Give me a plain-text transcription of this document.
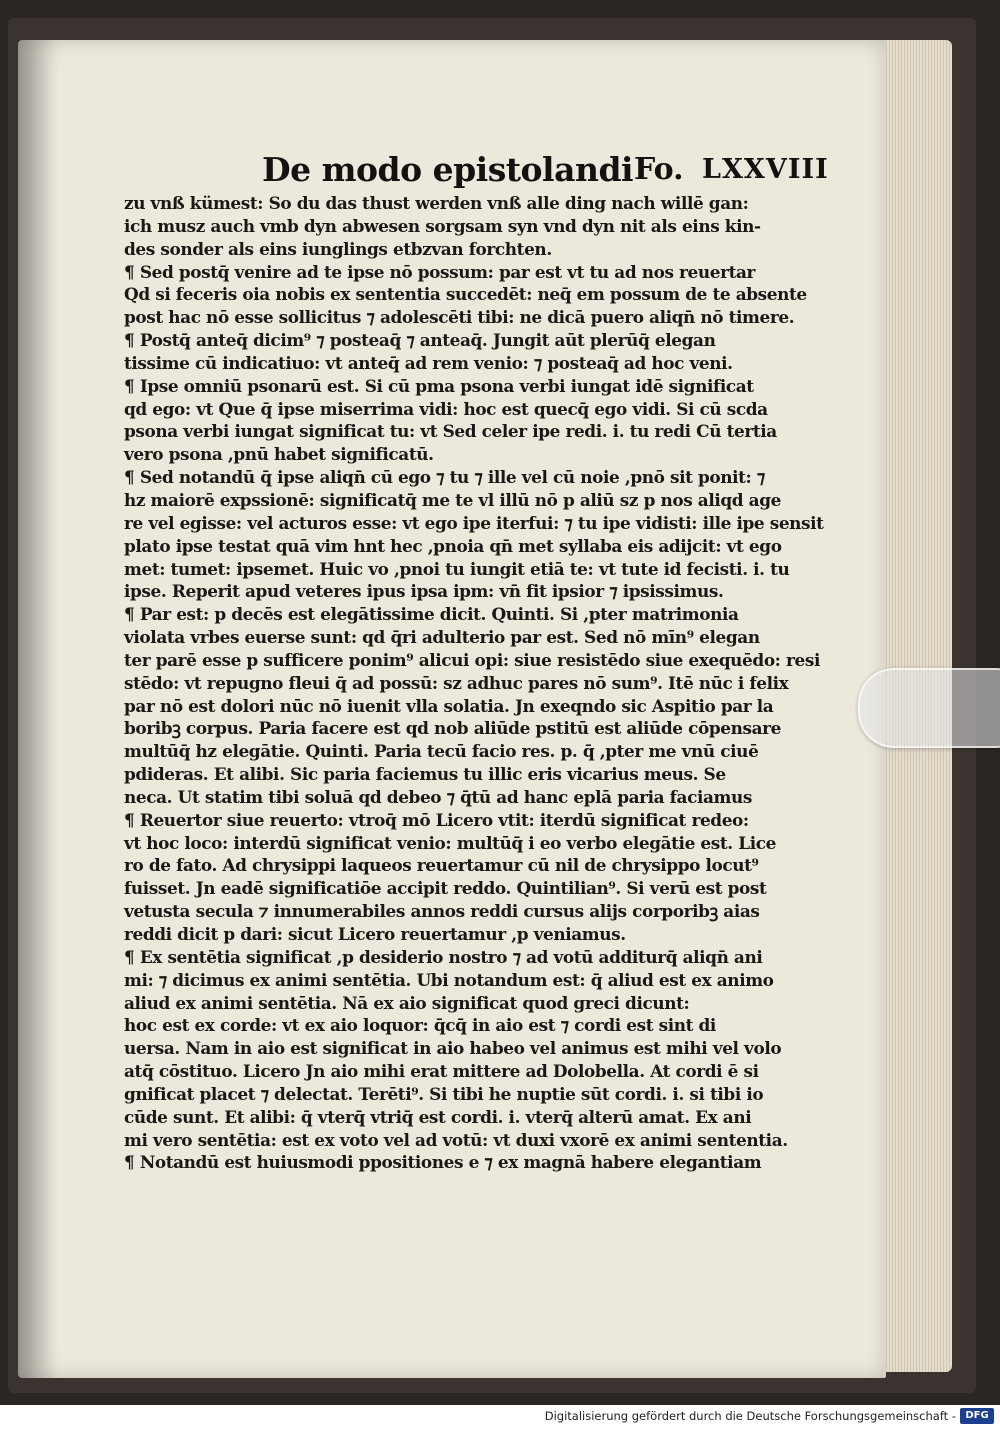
De modo epistolandi Fo. LXXVIII
zu vnß kümest: So du das thust werden vnß alle ding nach willē gan:
ich musz auch vmb dyn abwesen sorgsam syn vnd dyn nit als eins kin-
des sonder als eins iunglings etbzvan forchten.
¶ Sed postq̄ venire ad te ipse nō possum: par est vt tu ad nos reuertar
Qd si feceris oia nobis ex sententia succedēt: neq̄ em possum de te absente
post hac nō esse sollicitus ⁊ adolescēti tibi: ne dicā puero aliqn̄ nō timere.
¶ Postq̄ anteq̄ dicim⁹ ⁊ posteaq̄ ⁊ anteaq̄. Jungit aūt plerūq̄ elegan
tissime cū indicatiuo: vt anteq̄ ad rem venio: ⁊ posteaq̄ ad hoc veni.
¶ Ipse omniū psonarū est. Si cū pma psona verbi iungat idē significat
qd ego: vt Que q̄ ipse miserrima vidi: hoc est quecq̄ ego vidi. Si cū scda
psona verbi iungat significat tu: vt Sed celer ipe redi. i. tu redi Cū tertia
vero psona ,pnū habet significatū.
¶ Sed notandū q̄ ipse aliqn̄ cū ego ⁊ tu ⁊ ille vel cū noie ,pnō sit ponit: ⁊
hz maiorē expssionē: significatq̄ me te vl illū nō p aliū sz p nos aliqd age
re vel egisse: vel acturos esse: vt ego ipe iterfui: ⁊ tu ipe vidisti: ille ipe sensit
plato ipse testat quā vim hnt hec ,pnoia qn̄ met syllaba eis adijcit: vt ego
met: tumet: ipsemet. Huic vo ,pnoi tu iungit etiā te: vt tute id fecisti. i. tu
ipse. Reperit apud veteres ipus ipsa ipm: vn̄ fit ipsior ⁊ ipsissimus.
¶ Par est: p decēs est elegātissime dicit. Quinti. Si ,pter matrimonia
violata vrbes euerse sunt: qd q̄ri adulterio par est. Sed nō mīn⁹ elegan
ter parē esse p sufficere ponim⁹ alicui opi: siue resistēdo siue exequēdo: resi
stēdo: vt repugno fleui q̄ ad possū: sz adhuc pares nō sum⁹. Itē nūc i felix
par nō est dolori nūc nō iuenit vlla solatia. Jn exeqndo sic Aspitio par la
boribꝫ corpus. Paria facere est qd nob aliūde pstitū est aliūde cōpensare
multūq̄ hz elegātie. Quinti. Paria tecū facio res. p. q̄ ,pter me vnū ciuē
pdideras. Et alibi. Sic paria faciemus tu illic eris vicarius meus. Se
neca. Ut statim tibi soluā qd debeo ⁊ q̄tū ad hanc eplā paria faciamus
¶ Reuertor siue reuerto: vtroq̄ mō Licero vtit: iterdū significat redeo:
vt hoc loco: interdū significat venio: multūq̄ i eo verbo elegātie est. Lice
ro de fato. Ad chrysippi laqueos reuertamur cū nil de chrysippo locut⁹
fuisset. Jn eadē significatiōe accipit reddo. Quintilian⁹. Si verū est post
vetusta secula ⁊ innumerabiles annos reddi cursus alijs corporibꝫ aias
reddi dicit p dari: sicut Licero reuertamur ,p veniamus.
¶ Ex sentētia significat ,p desiderio nostro ⁊ ad votū additurq̄ aliqn̄ ani
mi: ⁊ dicimus ex animi sentētia. Ubi notandum est: q̄ aliud est ex animo
aliud ex animi sentētia. Nā ex aio significat quod greci dicunt:
hoc est ex corde: vt ex aio loquor: q̄cq̄ in aio est ⁊ cordi est sint di
uersa. Nam in aio est significat in aio habeo vel animus est mihi vel volo
atq̄ cōstituo. Licero Jn aio mihi erat mittere ad Dolobella. At cordi ē si
gnificat placet ⁊ delectat. Terēti⁹. Si tibi he nuptie sūt cordi. i. si tibi io
cūde sunt. Et alibi: q̄ vterq̄ vtriq̄ est cordi. i. vterq̄ alterū amat. Ex ani
mi vero sentētia: est ex voto vel ad votū: vt duxi vxorē ex animi sententia.
¶ Notandū est huiusmodi ppositiones e ⁊ ex magnā habere elegantiam
Digitalisierung gefördert durch die Deutsche Forschungsgemeinschaft - DFG
